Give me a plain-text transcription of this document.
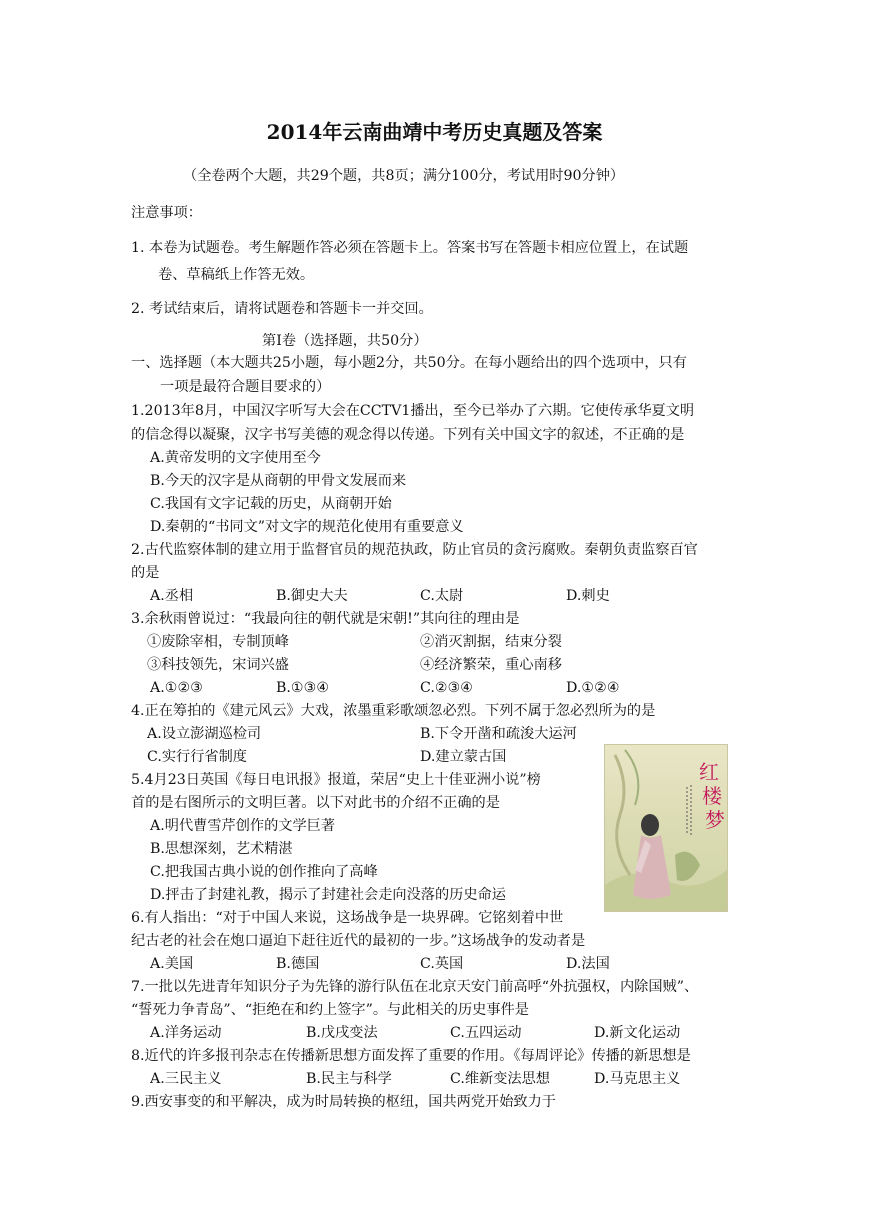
2014年云南曲靖中考历史真题及答案
（全卷两个大题，共29个题，共8页；满分100分，考试用时90分钟）
注意事项：
1. 本卷为试题卷。考生解题作答必须在答题卡上。答案书写在答题卡相应位置上，在试题
卷、草稿纸上作答无效。
2. 考试结束后，请将试题卷和答题卡一并交回。
第Ⅰ卷（选择题，共50分）
一、选择题（本大题共25小题，每小题2分，共50分。在每小题给出的四个选项中，只有
一项是最符合题目要求的）
1.2013年8月，中国汉字听写大会在CCTV1播出，至今已举办了六期。它使传承华夏文明
的信念得以凝聚，汉字书写美德的观念得以传递。下列有关中国文字的叙述，不正确的是
A.黄帝发明的文字使用至今
B.今天的汉字是从商朝的甲骨文发展而来
C.我国有文字记载的历史，从商朝开始
D.秦朝的“书同文”对文字的规范化使用有重要意义
2.古代监察体制的建立用于监督官员的规范执政，防止官员的贪污腐败。秦朝负责监察百官
的是
A.丞相	B.御史大夫	C.太尉	D.刺史
3.余秋雨曾说过：“我最向往的朝代就是宋朝!”其向往的理由是
①废除宰相，专制顶峰	②消灭割据，结束分裂
③科技领先，宋词兴盛	④经济繁荣，重心南移
A.①②③	B.①③④	C.②③④	D.①②④
4.正在筹拍的《建元风云》大戏，浓墨重彩歌颂忽必烈。下列不属于忽必烈所为的是
A.设立澎湖巡检司	B.下令开凿和疏浚大运河
C.实行行省制度	D.建立蒙古国
5.4月23日英国《每日电讯报》报道，荣居“史上十佳亚洲小说”榜
首的是右图所示的文明巨著。以下对此书的介绍不正确的是
A.明代曹雪芹创作的文学巨著
B.思想深刻，艺术精湛
C.把我国古典小说的创作推向了高峰
D.抨击了封建礼教，揭示了封建社会走向没落的历史命运
红
楼
梦
6.有人指出：“对于中国人来说，这场战争是一块界碑。它铭刻着中世
纪古老的社会在炮口逼迫下赶往近代的最初的一步。”这场战争的发动者是
A.美国	B.德国	C.英国	D.法国
7.一批以先进青年知识分子为先锋的游行队伍在北京天安门前高呼“外抗强权，内除国贼”、
“誓死力争青岛”、“拒绝在和约上签字”。与此相关的历史事件是
A.洋务运动	B.戊戌变法	C.五四运动	D.新文化运动
8.近代的许多报刊杂志在传播新思想方面发挥了重要的作用。《每周评论》传播的新思想是
A.三民主义	B.民主与科学	C.维新变法思想	D.马克思主义
9.西安事变的和平解决，成为时局转换的枢纽，国共两党开始致力于
